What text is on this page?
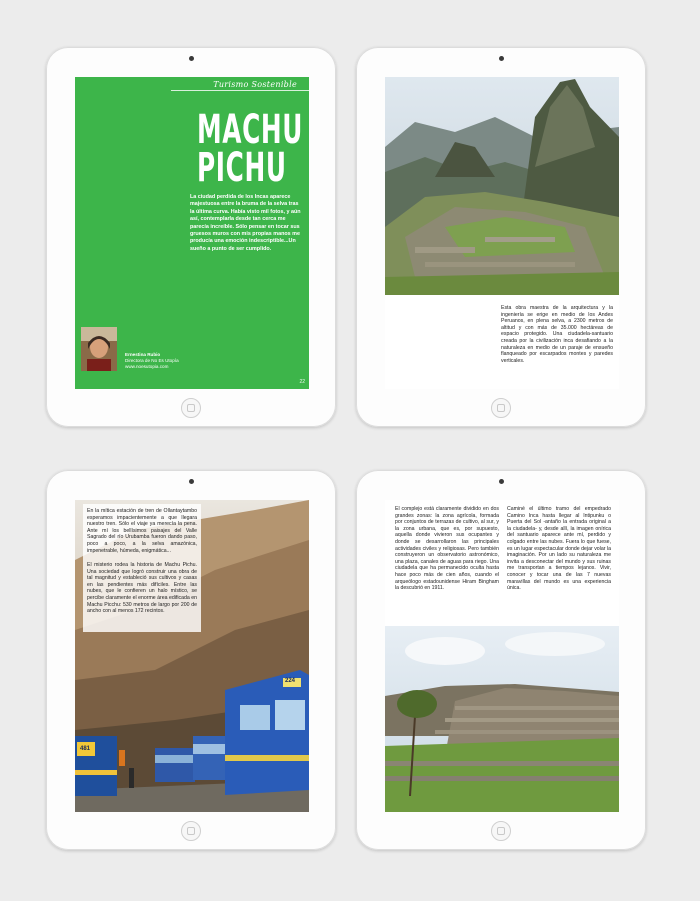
Turismo Sostenible
MACHU
PICHU
La ciudad perdida de los Incas aparece majestuosa entre la bruma de la selva tras la última curva. Había visto mil fotos, y aún así, contemplarla desde tan cerca me parecía increíble. Sólo pensar en tocar sus gruesos muros con mis propias manos me producía una emoción indescriptible...Un sueño a punto de ser cumplido.
Ernestina Rubio
Directora de No Es Utopía
www.noesutopia.com
22
Esta obra maestra de la arquitectura y la ingeniería se erige en medio de los Andes Peruanos, en plena selva, a 2300 metros de altitud y con más de 35.000 hectáreas de espacio protegido. Una ciudadela-santuario creada por la civilización inca desafiando a la naturaleza en medio de un paraje de ensueño flanqueado por escarpados montes y paredes verticales.
224
481
En la mítica estación de tren de Ollantaytambo esperamos impacientemente a que llegara nuestro tren. Sólo el viaje ya merecía la pena. Ante mí los bellísimos paisajes del Valle Sagrado del río Urubamba fueron dando paso, poco a poco, a la selva amazónica, impenetrable, húmeda, enigmática...
El misterio rodea la historia de Machu Pichu. Una sociedad que logró construir una obra de tal magnitud y estableció sus cultivos y casas en las pendientes más difíciles. Entre las nubes, que le confieren un halo místico, se percibe claramente el enorme área edificada en Machu Picchu: 530 metros de largo por 200 de ancho con al menos 172 recintos.
El complejo está claramente dividido en dos grandes zonas: la zona agrícola, formada por conjuntos de terrazas de cultivo, al sur, y la zona urbana, que es, por supuesto, aquella donde vivieron sus ocupantes y donde se desarrollaron las principales actividades civiles y religiosas. Pero también construyeron un observatorio astronómico, una plaza, canales de aguas para riego. Una ciudadela que ha permanecido oculta hasta hace poco más de cien años, cuando el arqueólogo estadounidense Hiram Bingham la descubrió en 1911.
Caminé el último tramo del empedrado Camino Inca hasta llegar al Intipunku o Puerta del Sol -antaño la entrada original a la ciudadela- y, desde allí, la imagen onírica del santuario aparece ante mí, perdido y colgado entre las nubes. Fuera lo que fuese, es un lugar espectacular donde dejar volar la imaginación. Por un lado su naturaleza me invita a desconectar del mundo y sus ruinas me transportan a tiempos lejanos. Vivir, conocer y tocar una de las 7 nuevas maravillas del mundo es una experiencia única.
